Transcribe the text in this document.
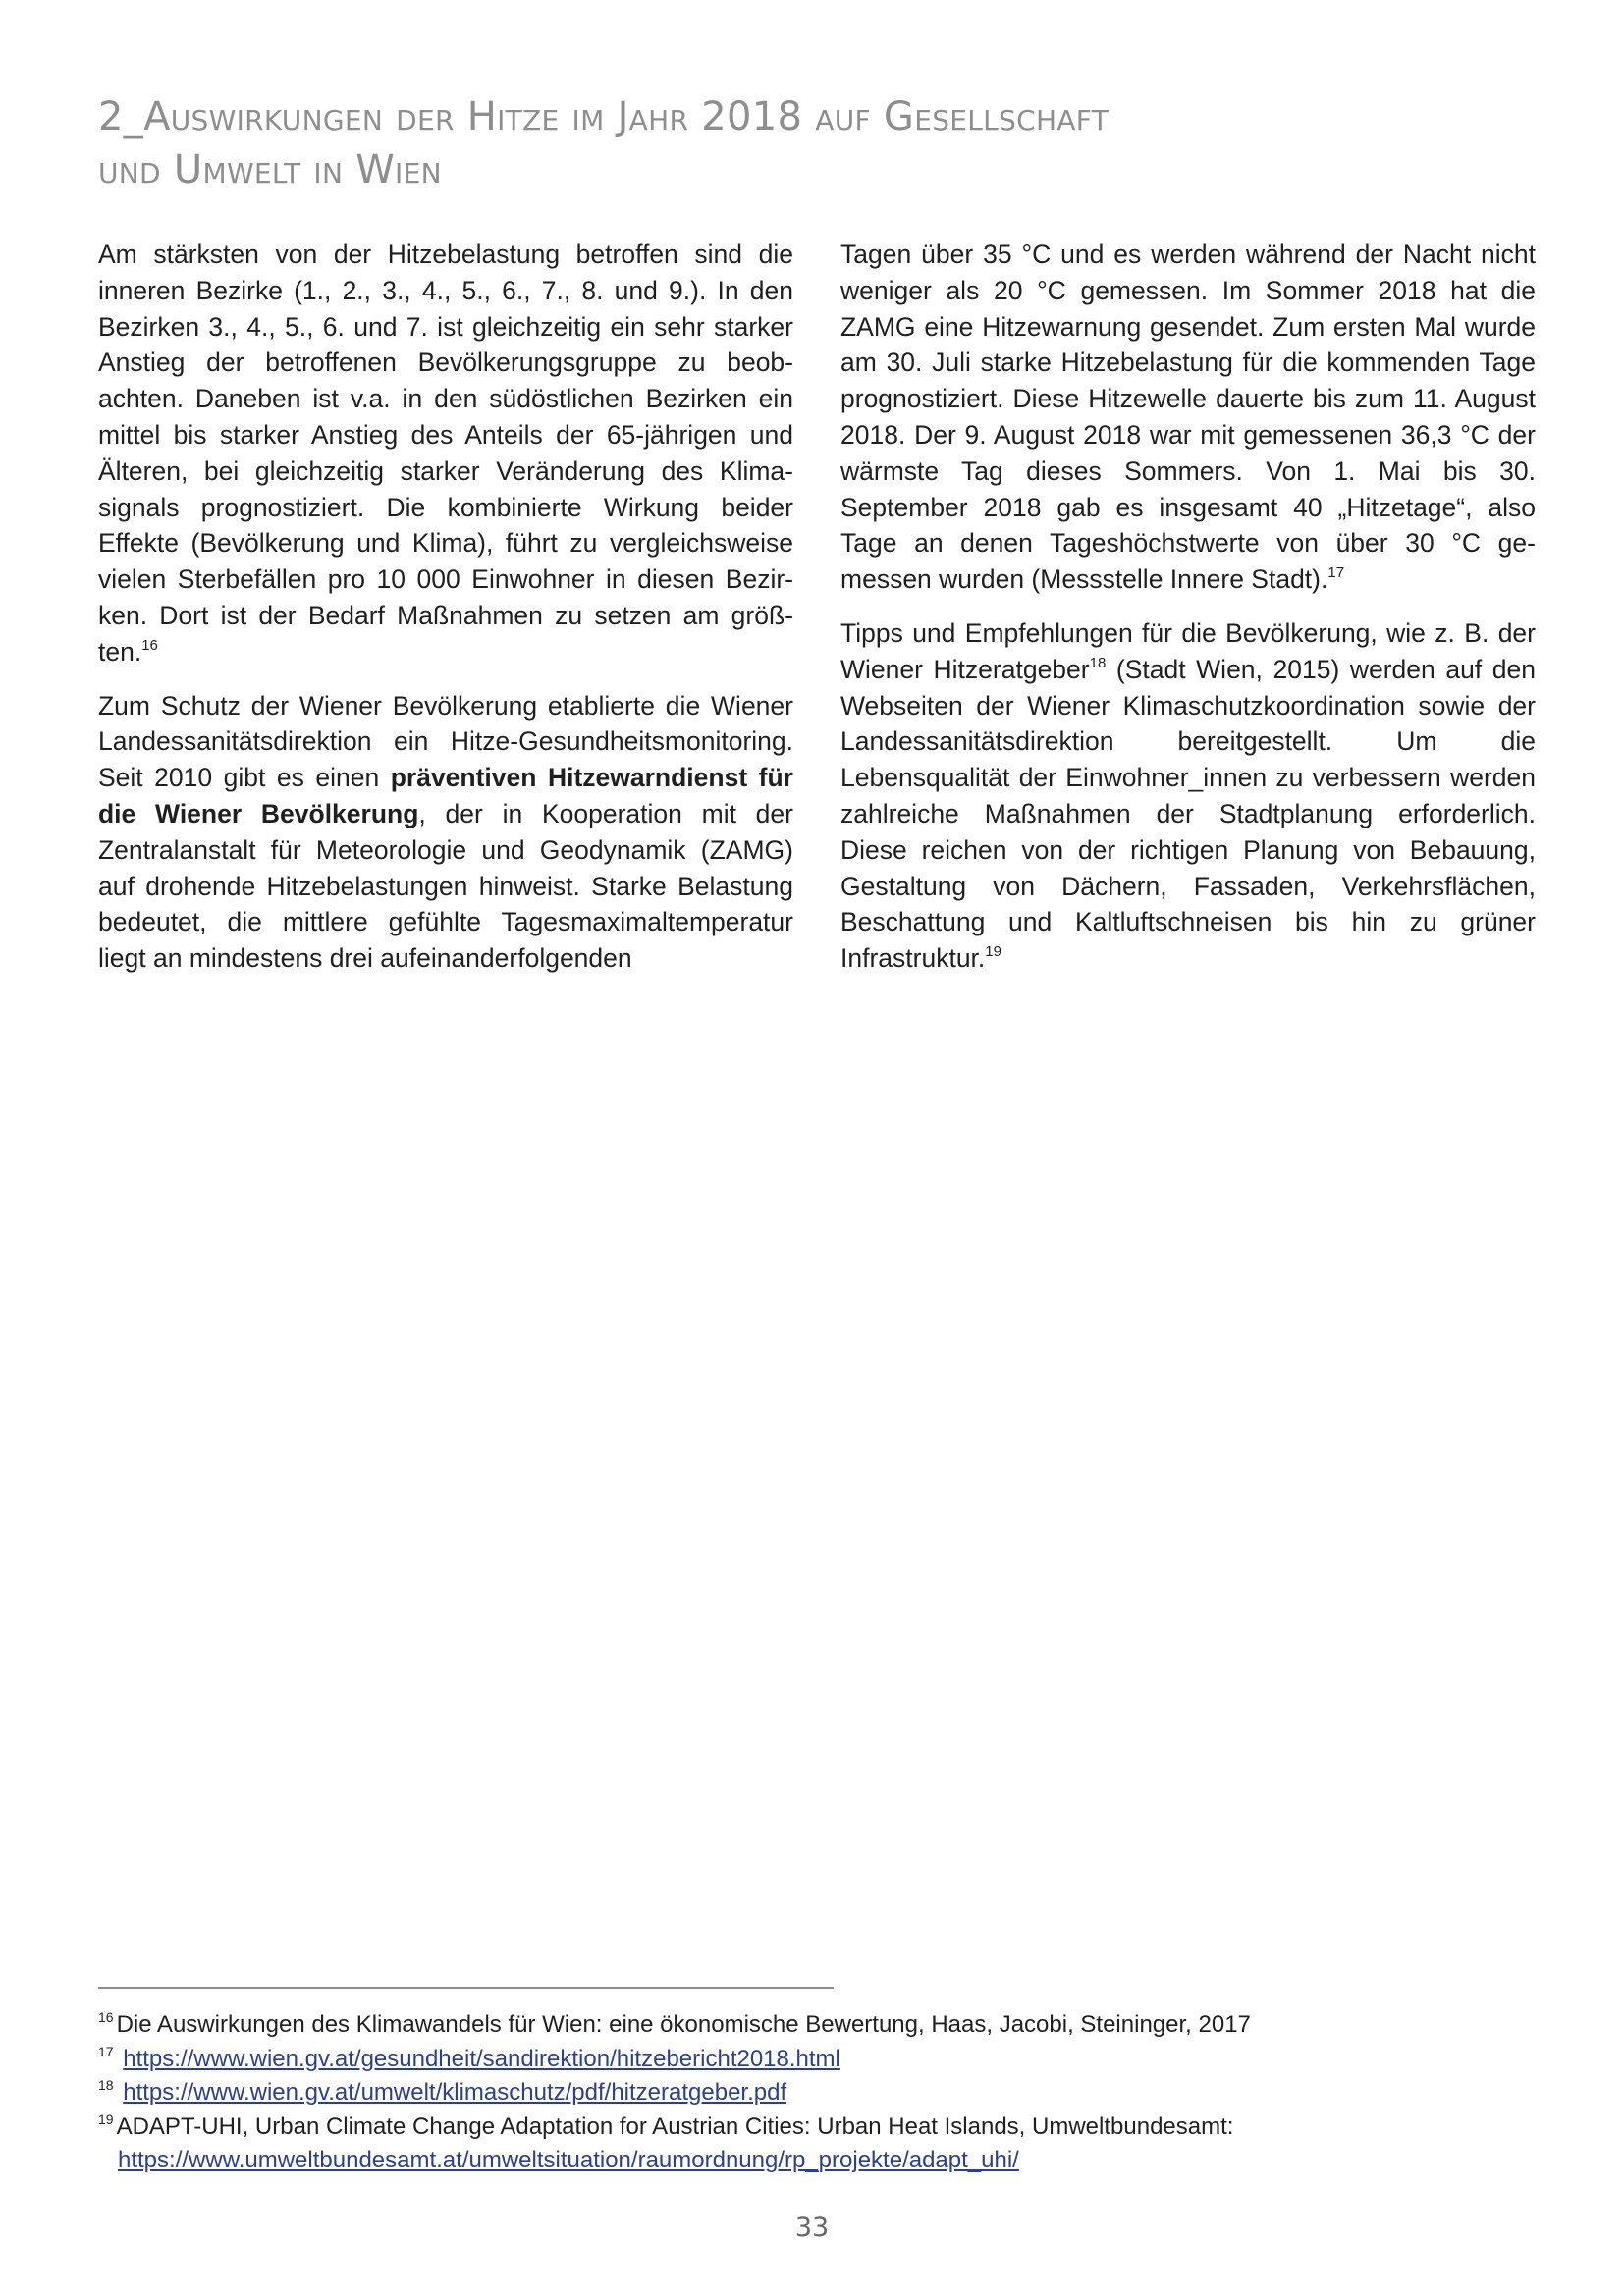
2_Auswirkungen der Hitze im Jahr 2018 auf Gesellschaft
und Umwelt in Wien

Am stärksten von der Hitzebelastung betroffen sind die inneren Bezirke (1., 2., 3., 4., 5., 6., 7., 8. und 9.). In den Bezirken 3., 4., 5., 6. und 7. ist gleichzeitig ein sehr starker Anstieg der betroffenen Bevölkerungsgruppe zu beobachten. Daneben ist v.a. in den südöstlichen Bezirken ein mittel bis starker Anstieg des Anteils der 65-jährigen und Älteren, bei gleichzeitig starker Veränderung des Klimasignals prognostiziert. Die kombinierte Wirkung beider Effekte (Bevölkerung und Klima), führt zu vergleichsweise vielen Sterbefällen pro 10 000 Einwohner in diesen Bezirken. Dort ist der Bedarf Maßnahmen zu setzen am größten.$^{16}$

Zum Schutz der Wiener Bevölkerung etablierte die Wiener Landessanitätsdirektion ein Hitze-Gesundheitsmonitoring. Seit 2010 gibt es einen präventiven Hitzewarndienst für die Wiener Bevölkerung, der in Kooperation mit der Zentralanstalt für Meteorologie und Geodynamik (ZAMG) auf drohende Hitzebelastungen hinweist. Starke Belastung bedeutet, die mittlere gefühlte Tagesmaximaltemperatur liegt an mindestens drei aufeinanderfolgenden

Tagen über 35 °C und es werden während der Nacht nicht weniger als 20 °C gemessen. Im Sommer 2018 hat die ZAMG eine Hitzewarnung gesendet. Zum ersten Mal wurde am 30. Juli starke Hitzebelastung für die kommenden Tage prognostiziert. Diese Hitzewelle dauerte bis zum 11. August 2018. Der 9. August 2018 war mit gemessenen 36,3 °C der wärmste Tag dieses Sommers. Von 1. Mai bis 30. September 2018 gab es insgesamt 40 „Hitzetage“, also Tage an denen Tageshöchstwerte von über 30 °C gemessen wurden (Messstelle Innere Stadt).$^{17}$

Tipps und Empfehlungen für die Bevölkerung, wie z. B. der Wiener Hitzeratgeber$^{18}$ (Stadt Wien, 2015) werden auf den Webseiten der Wiener Klimaschutzkoordination sowie der Landessanitätsdirektion bereitgestellt. Um die Lebensqualität der Einwohner_innen zu verbessern werden zahlreiche Maßnahmen der Stadtplanung erforderlich. Diese reichen von der richtigen Planung von Bebauung, Gestaltung von Dächern, Fassaden, Verkehrsflächen, Beschattung und Kaltluftschneisen bis hin zu grüner Infrastruktur.$^{19}$

$^{16}$ Die Auswirkungen des Klimawandels für Wien: eine ökonomische Bewertung, Haas, Jacobi, Steininger, 2017

$^{17}$ https://www.wien.gv.at/gesundheit/sandirektion/hitzebericht2018.html

$^{18}$ https://www.wien.gv.at/umwelt/klimaschutz/pdf/hitzeratgeber.pdf

$^{19}$ ADAPT-UHI, Urban Climate Change Adaptation for Austrian Cities: Urban Heat Islands, Umweltbundesamt:
https://www.umweltbundesamt.at/umweltsituation/raumordnung/rp_projekte/adapt_uhi/

33
